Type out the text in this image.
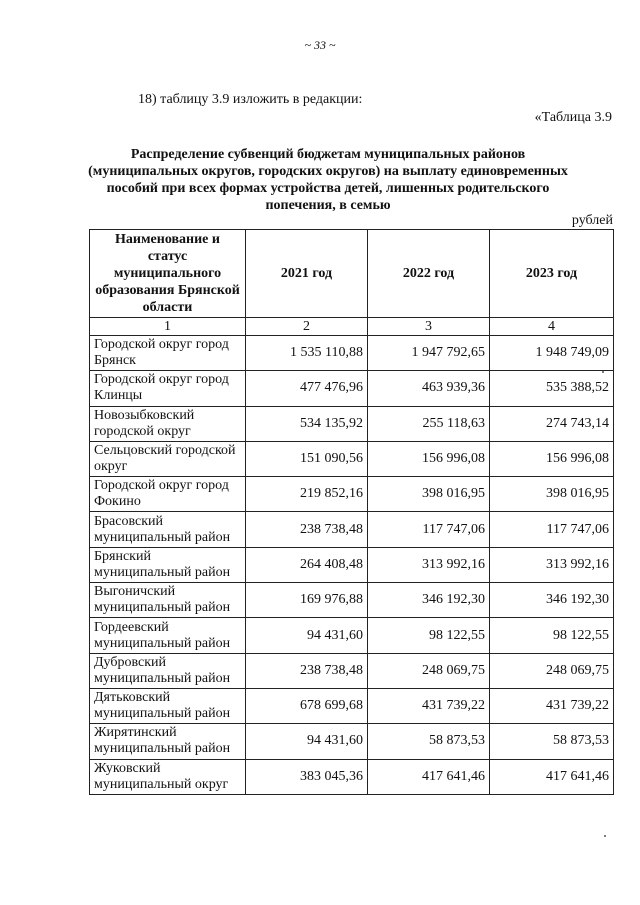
~ 33 ~
18) таблицу 3.9 изложить в редакции:
«Таблица 3.9
Распределение субвенций бюджетам муниципальных районов (муниципальных округов, городских округов) на выплату единовременных пособий при всех формах устройства детей, лишенных родительского попечения, в семью
рублей
Наименование и статус муниципального образования Брянской области	2021 год	2022 год	2023 год
1	2	3	4
Городской округ город Брянск	1 535 110,88	1 947 792,65	1 948 749,09
Городской округ город Клинцы	477 476,96	463 939,36	535 388,52
Новозыбковский городской округ	534 135,92	255 118,63	274 743,14
Сельцовский городской округ	151 090,56	156 996,08	156 996,08
Городской округ город Фокино	219 852,16	398 016,95	398 016,95
Брасовский муниципальный район	238 738,48	117 747,06	117 747,06
Брянский муниципальный район	264 408,48	313 992,16	313 992,16
Выгоничский муниципальный район	169 976,88	346 192,30	346 192,30
Гордеевский муниципальный район	94 431,60	98 122,55	98 122,55
Дубровский муниципальный район	238 738,48	248 069,75	248 069,75
Дятьковский муниципальный район	678 699,68	431 739,22	431 739,22
Жирятинский муниципальный район	94 431,60	58 873,53	58 873,53
Жуковский муниципальный округ	383 045,36	417 641,46	417 641,46
